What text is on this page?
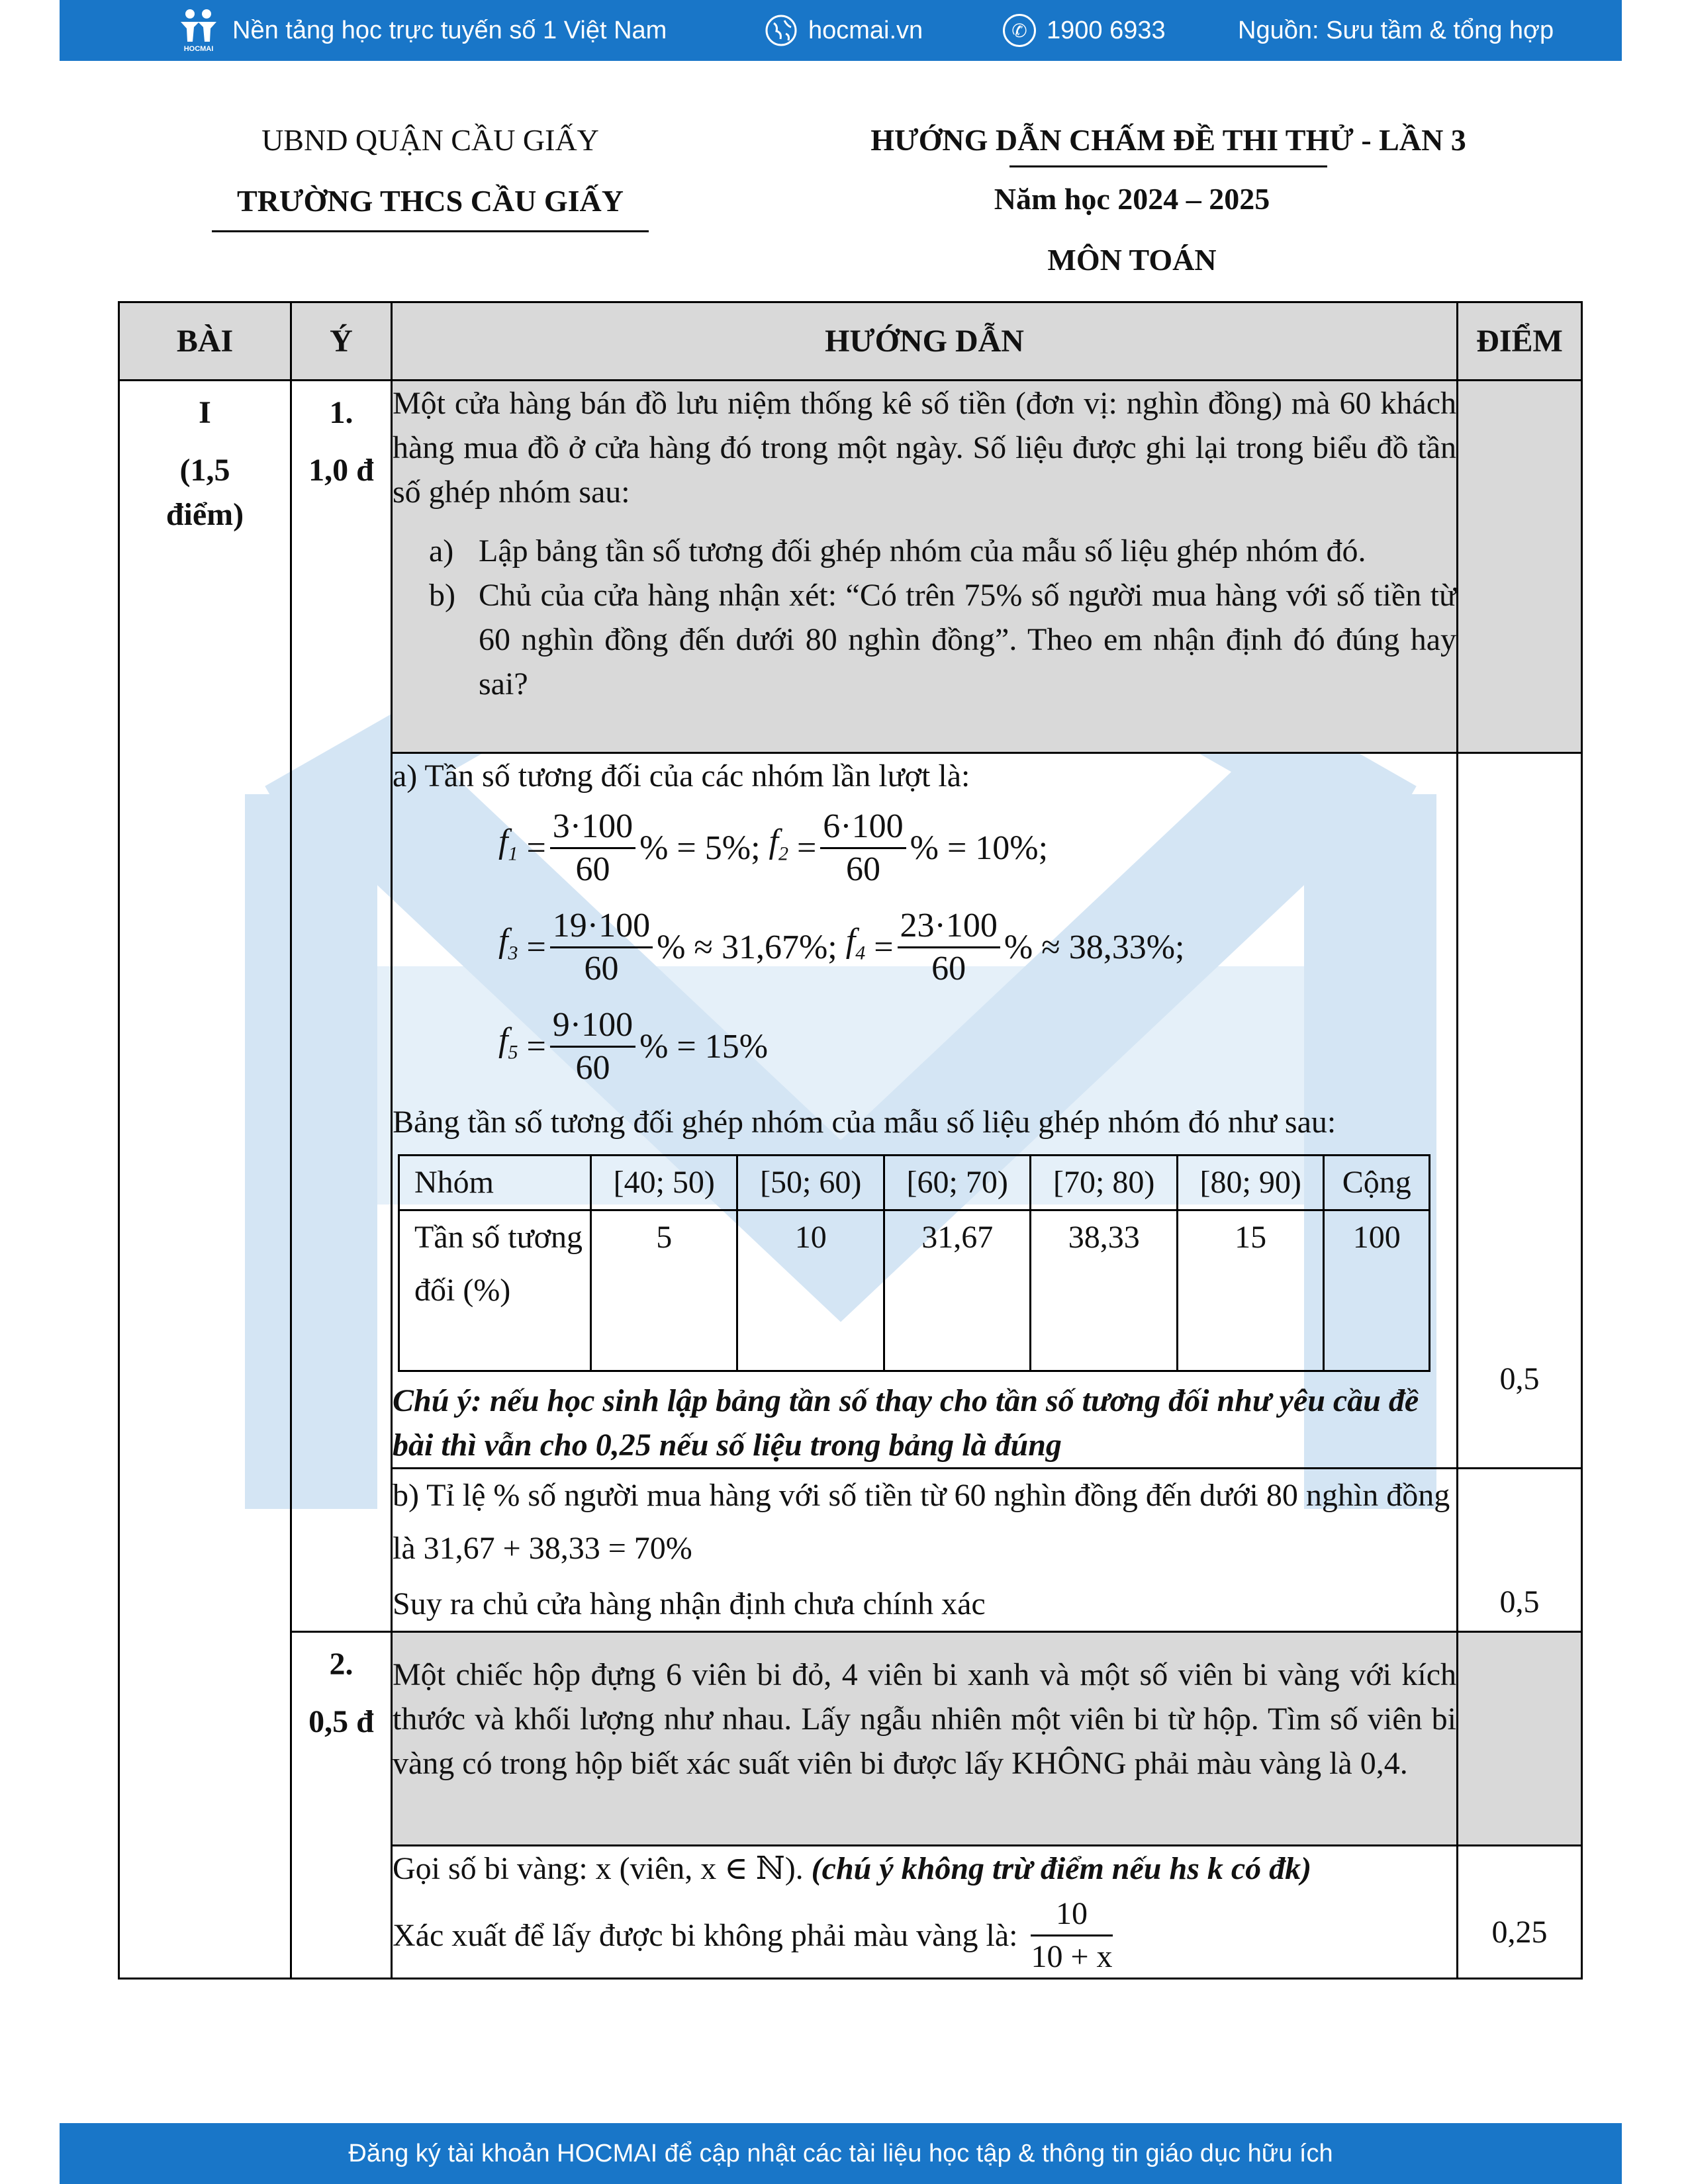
HOCMAI
Nền tảng học trực tuyến số 1 Việt Nam	hocmai.vn	✆ 1900 6933	Nguồn: Sưu tầm & tổng hợp
UBND QUẬN CẦU GIẤY
TRƯỜNG THCS CẦU GIẤY
HƯỚNG DẪN CHẤM ĐỀ THI THỬ - LẦN 3
Năm học 2024 – 2025
MÔN TOÁN
BÀI	Ý	HƯỚNG DẪN	ĐIỂM

I
(1,5 điểm)

1.
1,0 đ

Một cửa hàng bán đồ lưu niệm thống kê số tiền (đơn vị: nghìn đồng) mà 60 khách hàng mua đồ ở cửa hàng đó trong một ngày. Số liệu được ghi lại trong biểu đồ tần số ghép nhóm sau:
a) Lập bảng tần số tương đối ghép nhóm của mẫu số liệu ghép nhóm đó.
b) Chủ của cửa hàng nhận xét: “Có trên 75% số người mua hàng với số tiền từ 60 nghìn đồng đến dưới 80 nghìn đồng”. Theo em nhận định đó đúng hay sai?

a) Tần số tương đối của các nhóm lần lượt là:
$f_1 = \frac{3\cdot 100}{60}$ % = 5%;
$f_2 = \frac{6\cdot 100}{60}$ % = 10%;
$f_3 = \frac{19\cdot 100}{60}$ % ≈ 31,67%;
$f_4 = \frac{23\cdot 100}{60}$ % ≈ 38,33%;
$f_5 = \frac{9\cdot 100}{60}$ % = 15%
Bảng tần số tương đối ghép nhóm của mẫu số liệu ghép nhóm đó như sau:
Nhóm	[40; 50)	[50; 60)	[60; 70)	[70; 80)	[80; 90)	Cộng
Tần số tương đối (%)	5	10	31,67	38,33	15	100
Chú ý: nếu học sinh lập bảng tần số thay cho tần số tương đối như yêu cầu đề bài thì vẫn cho 0,25 nếu số liệu trong bảng là đúng
	0,5

b) Tỉ lệ % số người mua hàng với số tiền từ 60 nghìn đồng đến dưới 80 nghìn đồng là 31,67 + 38,33 = 70%
Suy ra chủ cửa hàng nhận định chưa chính xác	0,5

2.
0,5 đ

Một chiếc hộp đựng 6 viên bi đỏ, 4 viên bi xanh và một số viên bi vàng với kích thước và khối lượng như nhau. Lấy ngẫu nhiên một viên bi từ hộp. Tìm số viên bi vàng có trong hộp biết xác suất viên bi được lấy KHÔNG phải màu vàng là 0,4.

Gọi số bi vàng: x (viên, x ∈ ℕ). (chú ý không trừ điểm nếu hs k có đk)
Xác xuất để lấy được bi không phải màu vàng là: $\frac{10}{10 + x}$	0,25
Đăng ký tài khoản HOCMAI để cập nhật các tài liệu học tập & thông tin giáo dục hữu ích
